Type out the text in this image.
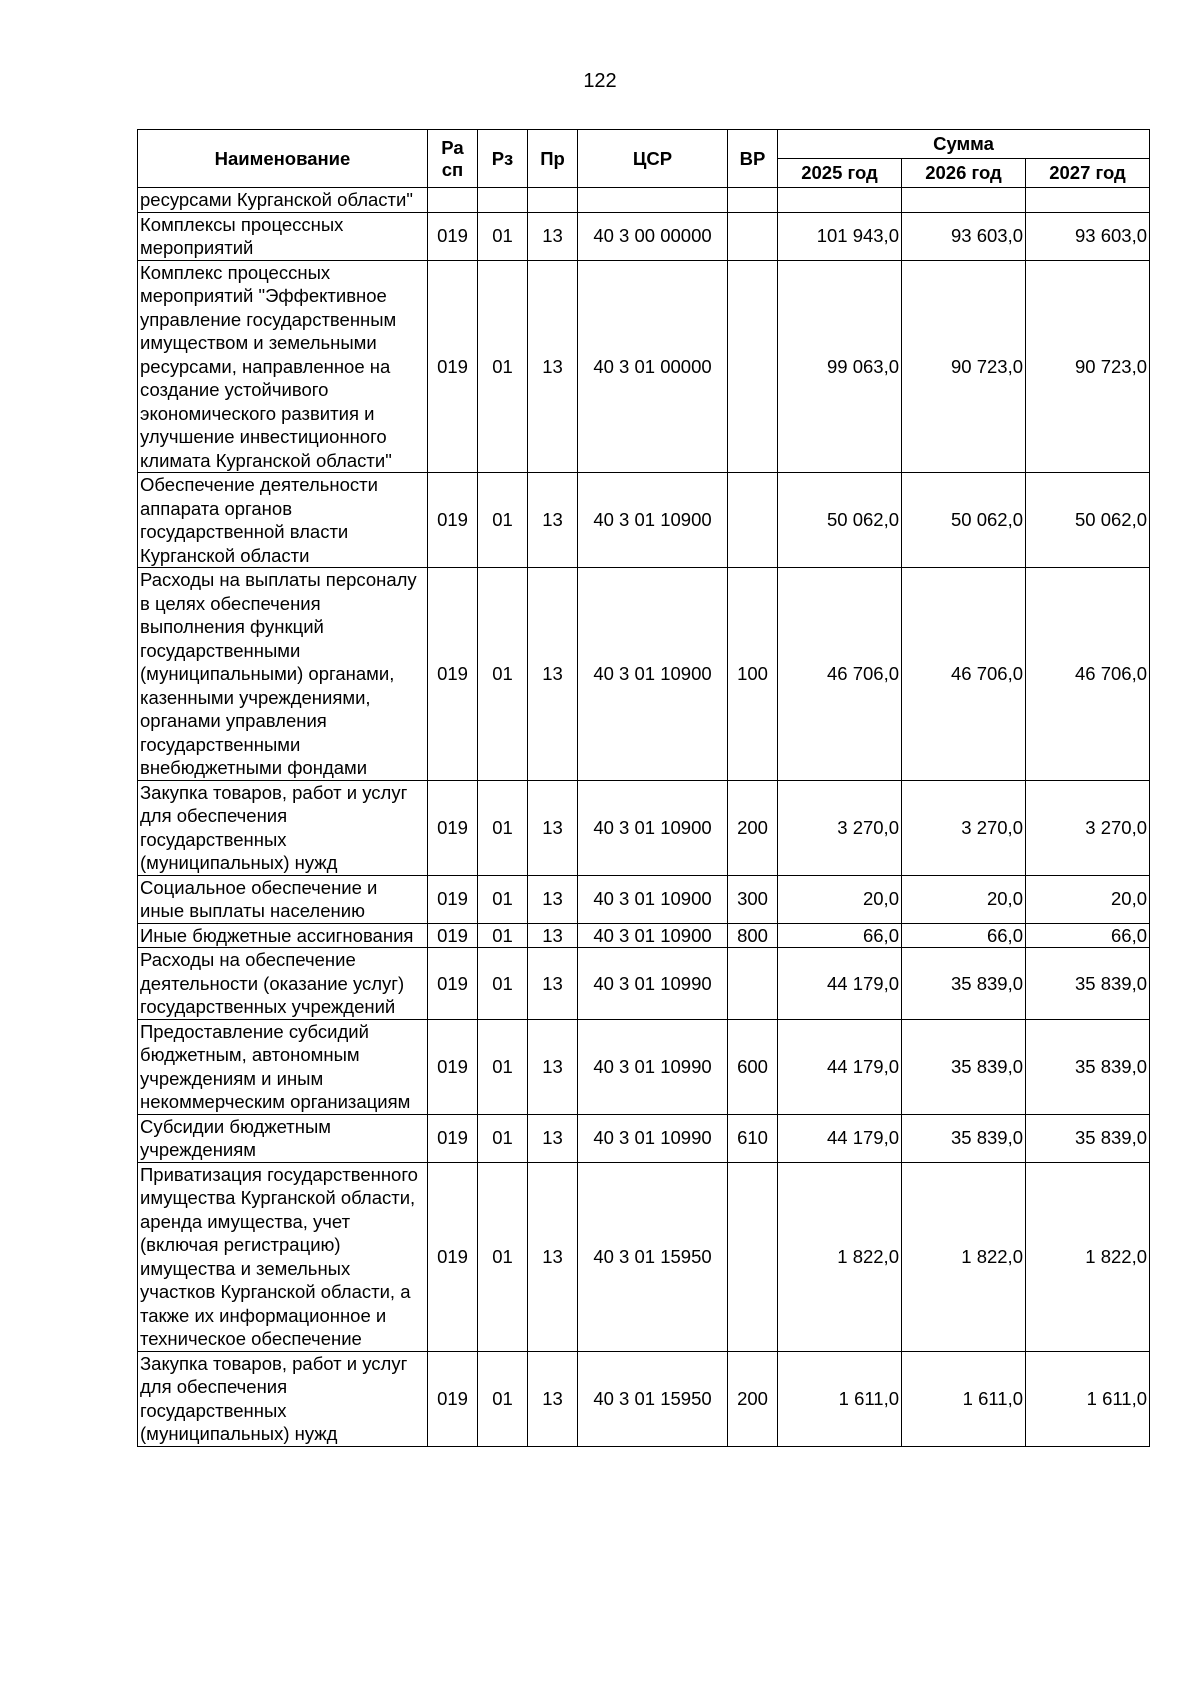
122
Наименование	Ра сп	Рз	Пр	ЦСР	ВР	Сумма		
						2025 год	2026 год	2027 год
ресурсами Курганской области"								
Комплексы процессных мероприятий	019	01	13	40 3 00 00000		101 943,0	93 603,0	93 603,0
Комплекс процессных мероприятий "Эффективное управление государственным имуществом и земельными ресурсами, направленное на создание устойчивого экономического развития и улучшение инвестиционного климата Курганской области"	019	01	13	40 3 01 00000		99 063,0	90 723,0	90 723,0
Обеспечение деятельности аппарата органов государственной власти Курганской области	019	01	13	40 3 01 10900		50 062,0	50 062,0	50 062,0
Расходы на выплаты персоналу в целях обеспечения выполнения функций государственными (муниципальными) органами, казенными учреждениями, органами управления государственными внебюджетными фондами	019	01	13	40 3 01 10900	100	46 706,0	46 706,0	46 706,0
Закупка товаров, работ и услуг для обеспечения государственных (муниципальных) нужд	019	01	13	40 3 01 10900	200	3 270,0	3 270,0	3 270,0
Социальное обеспечение и иные выплаты населению	019	01	13	40 3 01 10900	300	20,0	20,0	20,0
Иные бюджетные ассигнования	019	01	13	40 3 01 10900	800	66,0	66,0	66,0
Расходы на обеспечение деятельности (оказание услуг) государственных учреждений	019	01	13	40 3 01 10990		44 179,0	35 839,0	35 839,0
Предоставление субсидий бюджетным, автономным учреждениям и иным некоммерческим организациям	019	01	13	40 3 01 10990	600	44 179,0	35 839,0	35 839,0
Субсидии бюджетным учреждениям	019	01	13	40 3 01 10990	610	44 179,0	35 839,0	35 839,0
Приватизация государственного имущества Курганской области, аренда имущества, учет (включая регистрацию) имущества и земельных участков Курганской области, а также их информационное и техническое обеспечение	019	01	13	40 3 01 15950		1 822,0	1 822,0	1 822,0
Закупка товаров, работ и услуг для обеспечения государственных (муниципальных) нужд	019	01	13	40 3 01 15950	200	1 611,0	1 611,0	1 611,0
